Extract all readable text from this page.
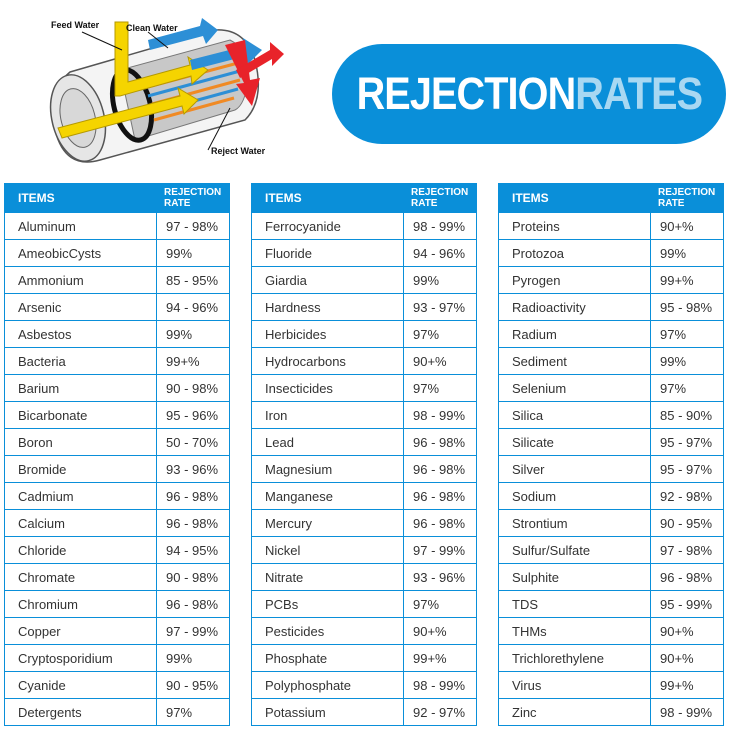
Feed Water	Clean Water
Reject Water
REJECTIONRATES
ITEMS	REJECTION RATE
Aluminum	97 - 98%
AmeobicCysts	99%
Ammonium	85 - 95%
Arsenic	94 - 96%
Asbestos	99%
Bacteria	99+%
Barium	90 - 98%
Bicarbonate	95 - 96%
Boron	50 - 70%
Bromide	93 - 96%
Cadmium	96 - 98%
Calcium	96 - 98%
Chloride	94 - 95%
Chromate	90 - 98%
Chromium	96 - 98%
Copper	97 - 99%
Cryptosporidium	99%
Cyanide	90 - 95%
Detergents	97%
ITEMS	REJECTION RATE
Ferrocyanide	98 - 99%
Fluoride	94 - 96%
Giardia	99%
Hardness	93 - 97%
Herbicides	97%
Hydrocarbons	90+%
Insecticides	97%
Iron	98 - 99%
Lead	96 - 98%
Magnesium	96 - 98%
Manganese	96 - 98%
Mercury	96 - 98%
Nickel	97 - 99%
Nitrate	93 - 96%
PCBs	97%
Pesticides	90+%
Phosphate	99+%
Polyphosphate	98 - 99%
Potassium	92 - 97%
ITEMS	REJECTION RATE
Proteins	90+%
Protozoa	99%
Pyrogen	99+%
Radioactivity	95 - 98%
Radium	97%
Sediment	99%
Selenium	97%
Silica	85 - 90%
Silicate	95 - 97%
Silver	95 - 97%
Sodium	92 - 98%
Strontium	90 - 95%
Sulfur/Sulfate	97 - 98%
Sulphite	96 - 98%
TDS	95 - 99%
THMs	90+%
Trichlorethylene	90+%
Virus	99+%
Zinc	98 - 99%
